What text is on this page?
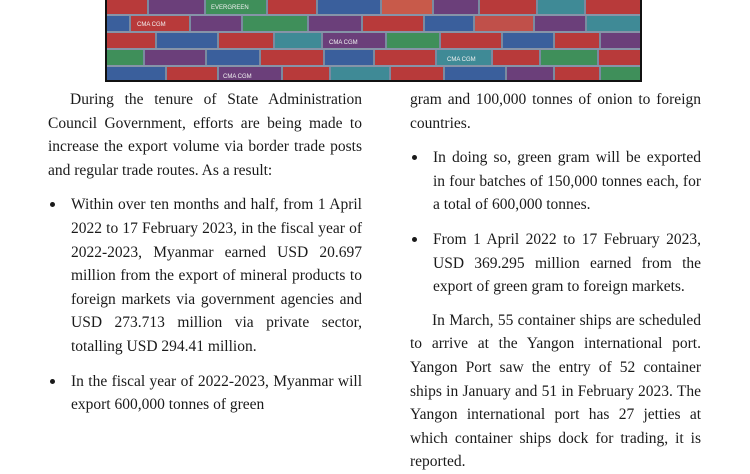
EVERGREEN
CMA CGM
CMA CGM
CMA CGM
CMA CGM

During the tenure of State Administration Council Government, efforts are being made to increase the export volume via border trade posts and regular trade routes. As a result:

Within over ten months and half, from 1 April 2022 to 17 February 2023, in the fiscal year of 2022-2023, Myanmar earned USD 20.697 million from the export of mineral products to foreign markets via government agencies and USD 273.713 million via private sector, totalling USD 294.41 million.
In the fiscal year of 2022-2023, Myanmar will export 600,000 tonnes of green

gram and 100,000 tonnes of onion to foreign countries.

In doing so, green gram will be exported in four batches of 150,000 tonnes each, for a total of 600,000 tonnes.
From 1 April 2022 to 17 February 2023, USD 369.295 million earned from the export of green gram to foreign markets.

In March, 55 container ships are scheduled to arrive at the Yangon international port. Yangon Port saw the entry of 52 container ships in January and 51 in February 2023. The Yangon international port has 27 jetties at which container ships dock for trading, it is reported.
